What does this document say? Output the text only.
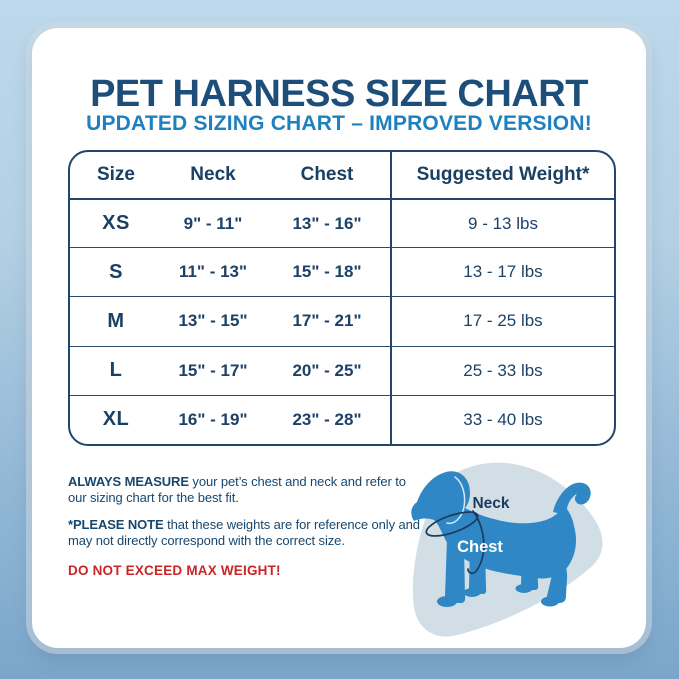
PET HARNESS SIZE CHART
UPDATED SIZING CHART – IMPROVED VERSION!
Size	Neck	Chest	Suggested Weight*
XS	9" - 11"	13" - 16"	9 - 13 lbs
S	11" - 13"	15" - 18"	13 - 17 lbs
M	13" - 15"	17" - 21"	17 - 25 lbs
L	15" - 17"	20" - 25"	25 - 33 lbs
XL	16" - 19"	23" - 28"	33 - 40 lbs

ALWAYS MEASURE your pet’s chest and neck and refer to our sizing chart for the best fit.

*PLEASE NOTE that these weights are for reference only and may not directly correspond with the correct size.

DO NOT EXCEED MAX WEIGHT!

Neck
Chest
